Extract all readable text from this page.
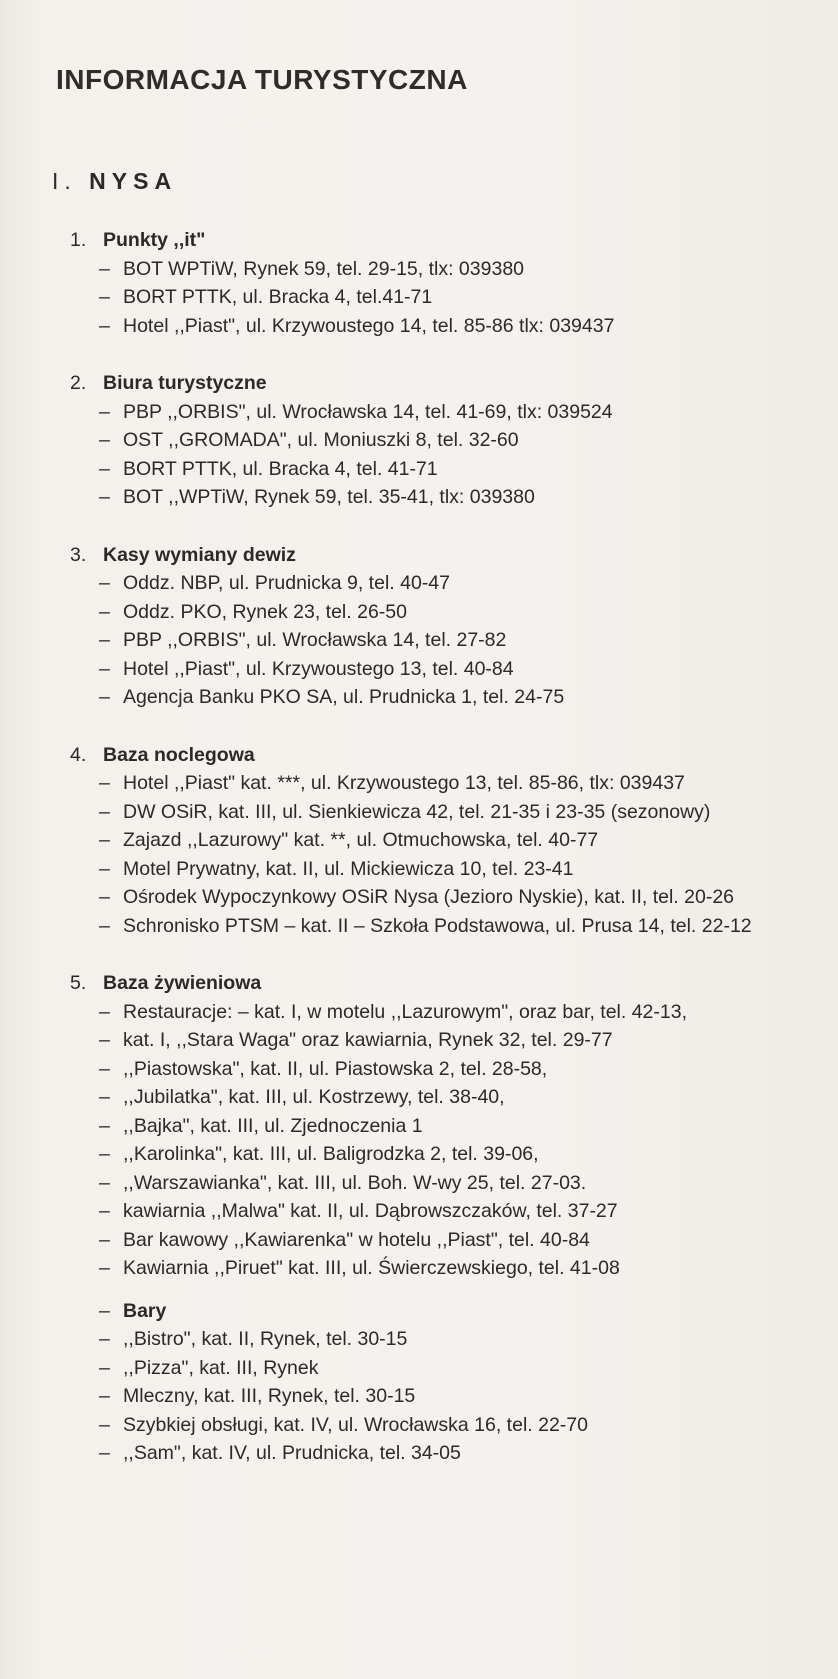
INFORMACJA TURYSTYCZNA
I. NYSA
1. Punkty ,,it"
– BOT WPTiW, Rynek 59, tel. 29-15, tlx: 039380
– BORT PTTK, ul. Bracka 4, tel.41-71
– Hotel ,,Piast", ul. Krzywoustego 14, tel. 85-86 tlx: 039437
2. Biura turystyczne
– PBP ,,ORBIS", ul. Wrocławska 14, tel. 41-69, tlx: 039524
– OST ,,GROMADA", ul. Moniuszki 8, tel. 32-60
– BORT PTTK, ul. Bracka 4, tel. 41-71
– BOT ,,WPTiW, Rynek 59, tel. 35-41, tlx: 039380
3. Kasy wymiany dewiz
– Oddz. NBP, ul. Prudnicka 9, tel. 40-47
– Oddz. PKO, Rynek 23, tel. 26-50
– PBP ,,ORBIS", ul. Wrocławska 14, tel. 27-82
– Hotel ,,Piast", ul. Krzywoustego 13, tel. 40-84
– Agencja Banku PKO SA, ul. Prudnicka 1, tel. 24-75
4. Baza noclegowa
– Hotel ,,Piast" kat. ***, ul. Krzywoustego 13, tel. 85-86, tlx: 039437
– DW OSiR, kat. III, ul. Sienkiewicza 42, tel. 21-35 i 23-35 (sezonowy)
– Zajazd ,,Lazurowy" kat. **, ul. Otmuchowska, tel. 40-77
– Motel Prywatny, kat. II, ul. Mickiewicza 10, tel. 23-41
– Ośrodek Wypoczynkowy OSiR Nysa (Jezioro Nyskie), kat. II, tel. 20-26
– Schronisko PTSM – kat. II – Szkoła Podstawowa, ul. Prusa 14, tel. 22-12
5. Baza żywieniowa
– Restauracje: – kat. I, w motelu ,,Lazurowym", oraz bar, tel. 42-13,
– kat. I, ,,Stara Waga" oraz kawiarnia, Rynek 32, tel. 29-77
– ,,Piastowska", kat. II, ul. Piastowska 2, tel. 28-58,
– ,,Jubilatka", kat. III, ul. Kostrzewy, tel. 38-40,
– ,,Bajka", kat. III, ul. Zjednoczenia 1
– ,,Karolinka", kat. III, ul. Baligrodzka 2, tel. 39-06,
– ,,Warszawianka", kat. III, ul. Boh. W-wy 25, tel. 27-03.
– kawiarnia ,,Malwa" kat. II, ul. Dąbrowszczaków, tel. 37-27
– Bar kawowy ,,Kawiarenka" w hotelu ,,Piast", tel. 40-84
– Kawiarnia ,,Piruet" kat. III, ul. Świerczewskiego, tel. 41-08
– Bary
– ,,Bistro", kat. II, Rynek, tel. 30-15
– ,,Pizza", kat. III, Rynek
– Mleczny, kat. III, Rynek, tel. 30-15
– Szybkiej obsługi, kat. IV, ul. Wrocławska 16, tel. 22-70
– ,,Sam", kat. IV, ul. Prudnicka, tel. 34-05
